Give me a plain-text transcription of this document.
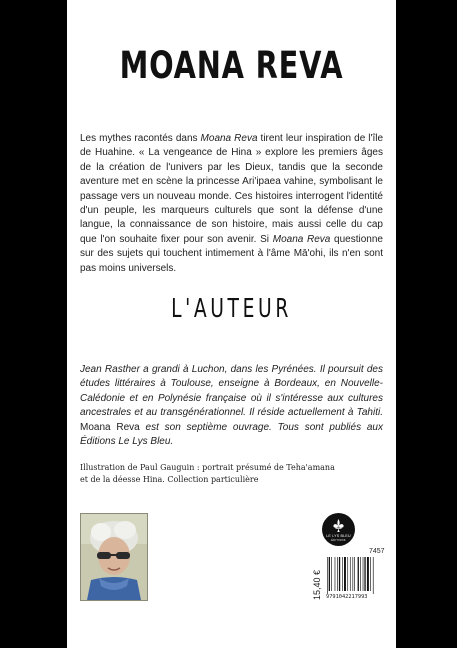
MOANA REVA

Les mythes racontés dans Moana Reva tirent leur inspiration de l'île de Huahine. « La vengeance de Hina » explore les premiers âges de la création de l'univers par les Dieux, tandis que la seconde aventure met en scène la princesse Ari'ipaea vahine, symbolisant le passage vers un nouveau monde. Ces histoires interrogent l'identité d'un peuple, les marqueurs culturels que sont la défense d'une langue, la connaissance de son histoire, mais aussi celle du cap que l'on souhaite fixer pour son avenir. Si Moana Reva questionne sur des sujets qui touchent intimement à l'âme Mā'ohi, ils n'en sont pas moins universels.

L'AUTEUR

Jean Rasther a grandi à Luchon, dans les Pyrénées. Il poursuit des études littéraires à Toulouse, enseigne à Bordeaux, en Nouvelle-Calédonie et en Polynésie française où il s'intéresse aux cultures ancestrales et au transgénérationnel. Il réside actuellement à Tahiti. Moana Reva est son septième ouvrage. Tous sont publiés aux Éditions Le Lys Bleu.

Illustration de Paul Gauguin : portrait présumé de Teha'amana
et de la déesse Hina. Collection particulière

LE LYS BLEU
ÉDITIONS
7457
15,40 € 9791042217993
